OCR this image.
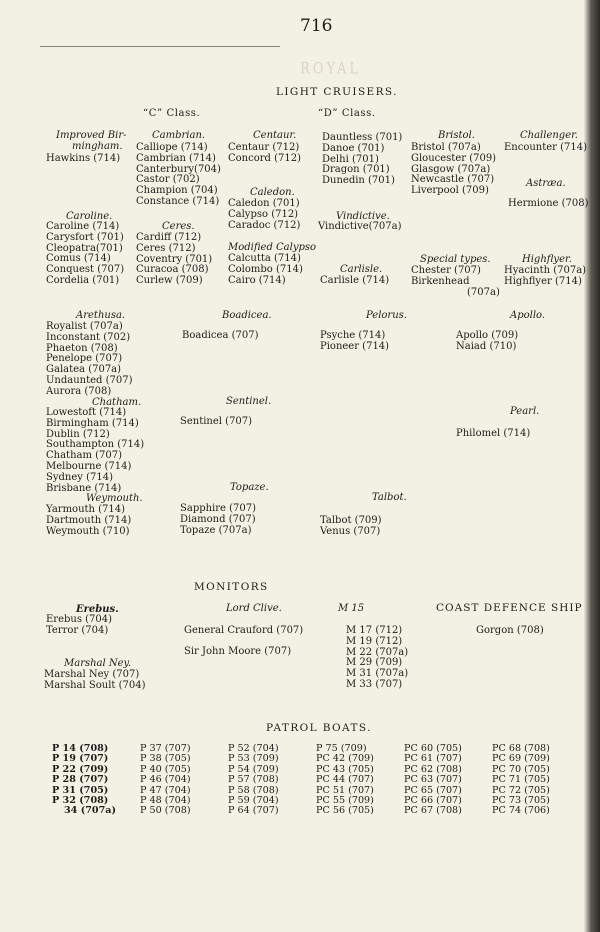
ROYAL
716
LIGHT CRUISERS.
“C” Class.	“D” Class.
Improved Bir-
mingham.
Hawkins (714)
Cambrian.
Calliope (714)
Cambrian (714)
Canterbury(704)
Castor (702)
Champion (704)
Constance (714)
Centaur.
Centaur (712)
Concord (712)
Caledon.
Caledon (701)
Calypso (712)
Caradoc (712)
Caroline.
Caroline (714)
Carysfort (701)
Cleopatra(701)
Comus (714)
Conquest (707)
Cordelia (701)
Ceres.
Cardiff (712)
Ceres (712)
Coventry (701)
Curacoa (708)
Curlew (709)
Modified Calypso
Calcutta (714)
Colombo (714)
Cairo (714)
Dauntless (701)
Danoe (701)
Delhi (701)
Dragon (701)
Dunedin (701)
Bristol.
Bristol (707a)
Gloucester (709)
Glasgow (707a)
Newcastle (707)
Liverpool (709)
Challenger.
Encounter (714)
Astræa.
Hermione (708)
Vindictive.
Vindictive(707a)
Carlisle.
Carlisle (714)
Special types.
Chester (707)
Birkenhead
(707a)
Highflyer.
Hyacinth (707a)
Highflyer (714)
Arethusa.
Royalist (707a)
Inconstant (702)
Phaeton (708)
Penelope (707)
Galatea (707a)
Undaunted (707)
Aurora (708)
Chatham.
Lowestoft (714)
Birmingham (714)
Dublin (712)
Southampton (714)
Chatham (707)
Melbourne (714)
Sydney (714)
Brisbane (714)
Weymouth.
Yarmouth (714)
Dartmouth (714)
Weymouth (710)
Boadicea.
Boadicea (707)
Sentinel.
Sentinel (707)
Topaze.
Sapphire (707)
Diamond (707)
Topaze (707a)
Pelorus.
Psyche (714)
Pioneer (714)
Talbot.
Talbot (709)
Venus (707)
Apollo.
Apollo (709)
Naiad (710)
Pearl.
Philomel (714)
MONITORS
Erebus.
Erebus (704)
Terror (704)
Marshal Ney.
Marshal Ney (707)
Marshal Soult (704)
Lord Clive.
General Crauford (707)
Sir John Moore (707)
M 15
M 17 (712)
M 19 (712)
M 22 (707a)
M 29 (709)
M 31 (707a)
M 33 (707)
COAST DEFENCE SHIP
Gorgon (708)
PATROL BOATS.
P 14 (708)
P 19 (707)
P 22 (709)
P 28 (707)
P 31 (705)
P 32 (708)
34 (707a)
P 37 (707)
P 38 (705)
P 40 (705)
P 46 (704)
P 47 (704)
P 48 (704)
P 50 (708)
P 52 (704)
P 53 (709)
P 54 (709)
P 57 (708)
P 58 (708)
P 59 (704)
P 64 (707)
P 75 (709)
PC 42 (709)
PC 43 (705)
PC 44 (707)
PC 51 (707)
PC 55 (709)
PC 56 (705)
PC 60 (705)
PC 61 (707)
PC 62 (708)
PC 63 (707)
PC 65 (707)
PC 66 (707)
PC 67 (708)
PC 68 (708)
PC 69 (709)
PC 70 (705)
PC 71 (705)
PC 72 (705)
PC 73 (705)
PC 74 (706)
